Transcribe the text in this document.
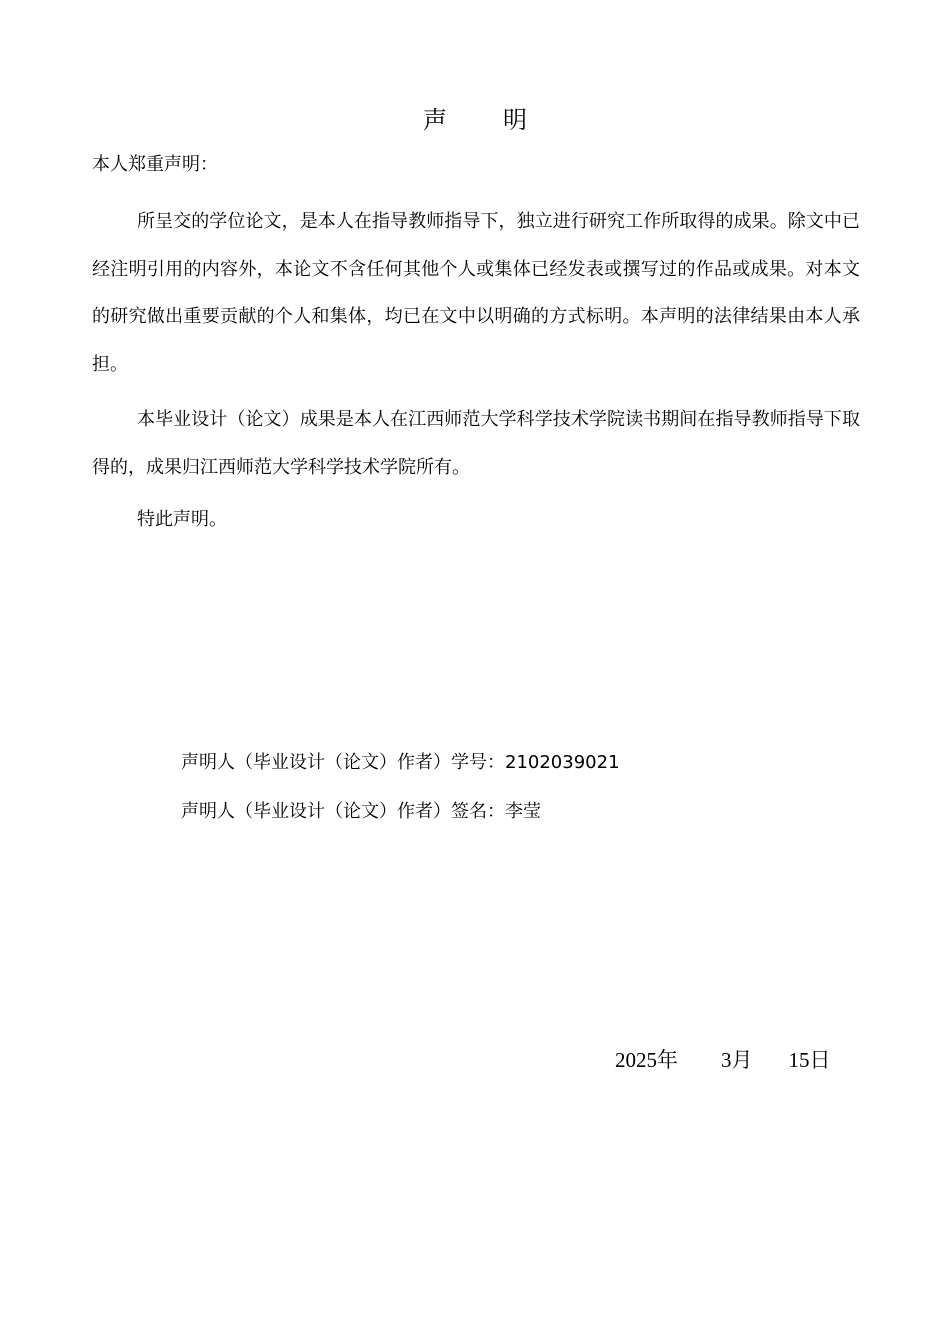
声明
本人郑重声明：
所呈交的学位论文，是本人在指导教师指导下，独立进行研究工作所取得的成果。除文中已经注明引用的内容外，本论文不含任何其他个人或集体已经发表或撰写过的作品或成果。对本文的研究做出重要贡献的个人和集体，均已在文中以明确的方式标明。本声明的法律结果由本人承担。
本毕业设计（论文）成果是本人在江西师范大学科学技术学院读书期间在指导教师指导下取得的，成果归江西师范大学科学技术学院所有。
特此声明。
声明人（毕业设计（论文）作者）学号：2102039021
声明人（毕业设计（论文）作者）签名：李莹
2025年 3月 15日
